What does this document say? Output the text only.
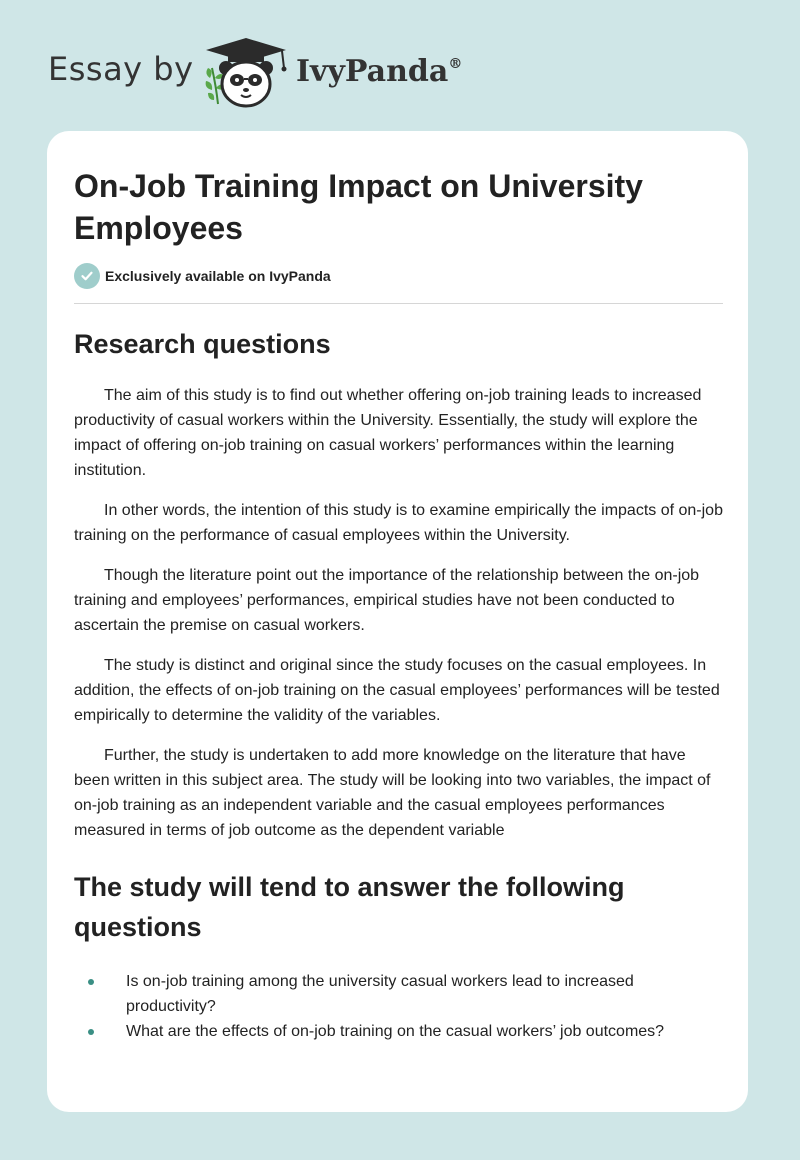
Essay by	IvyPanda®
On-Job Training Impact on University Employees
Exclusively available on IvyPanda
Research questions

The aim of this study is to find out whether offering on-job training leads to increased productivity of casual workers within the University. Essentially, the study will explore the impact of offering on-job training on casual workers’ performances within the learning institution.

In other words, the intention of this study is to examine empirically the impacts of on-job training on the performance of casual employees within the University.

Though the literature point out the importance of the relationship between the on-job training and employees’ performances, empirical studies have not been conducted to ascertain the premise on casual workers.

The study is distinct and original since the study focuses on the casual employees. In addition, the effects of on-job training on the casual employees’ performances will be tested empirically to determine the validity of the variables.

Further, the study is undertaken to add more knowledge on the literature that have been written in this subject area. The study will be looking into two variables, the impact of on-job training as an independent variable and the casual employees performances measured in terms of job outcome as the dependent variable

The study will tend to answer the following questions
Is on-job training among the university casual workers lead to increased productivity?
What are the effects of on-job training on the casual workers’ job outcomes?
